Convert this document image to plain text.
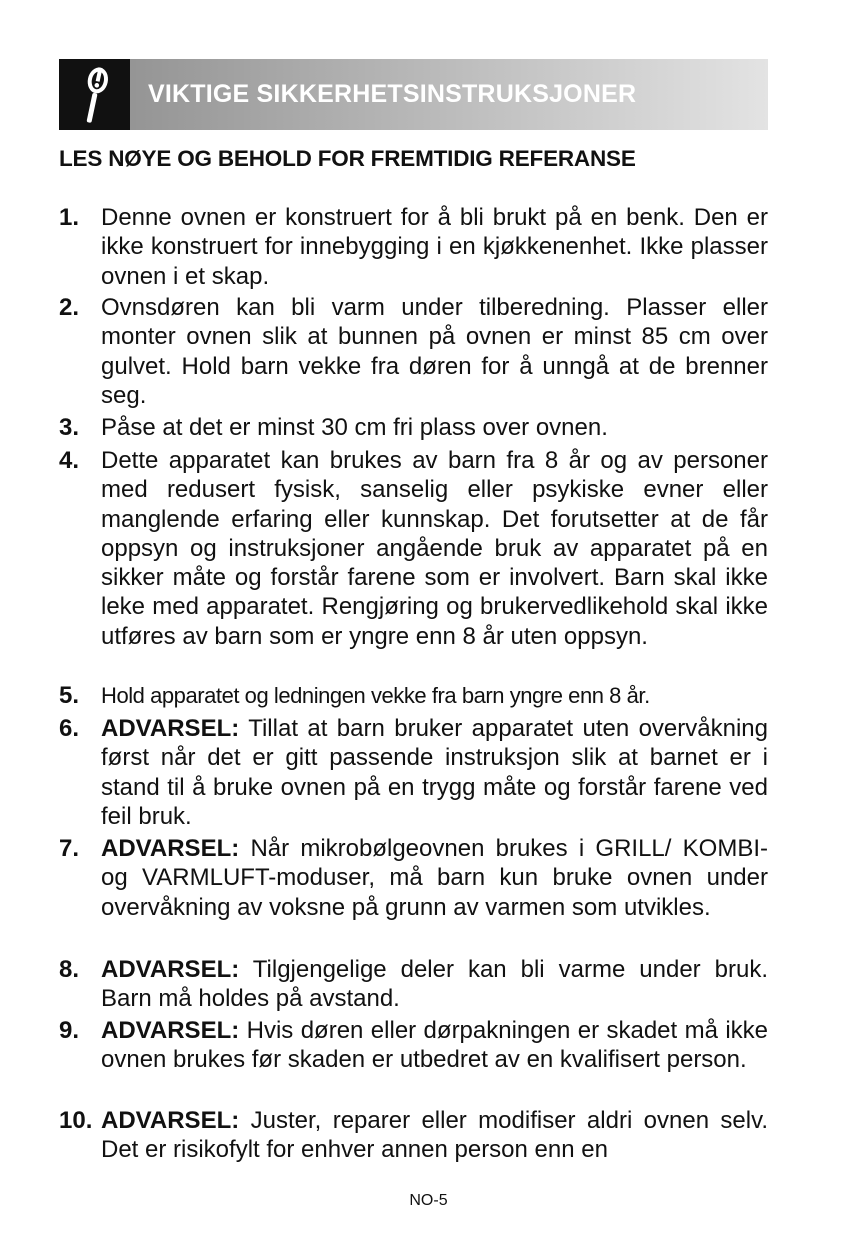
VIKTIGE SIKKERHETSINSTRUKSJONER
LES NØYE OG BEHOLD FOR FREMTIDIG REFERANSE
1. Denne ovnen er konstruert for å bli brukt på en benk. Den er ikke konstruert for innebygging i en kjøkkenenhet. Ikke plasser ovnen i et skap.
2. Ovnsdøren kan bli varm under tilberedning. Plasser eller monter ovnen slik at bunnen på ovnen er minst 85 cm over gulvet. Hold barn vekke fra døren for å unngå at de brenner seg.
3. Påse at det er minst 30 cm fri plass over ovnen.
4. Dette apparatet kan brukes av barn fra 8 år og av personer med redusert fysisk, sanselig eller psykiske evner eller manglende erfaring eller kunnskap. Det forutsetter at de får oppsyn og instruksjoner angående bruk av apparatet på en sikker måte og forstår farene som er involvert. Barn skal ikke leke med apparatet. Rengjøring og brukervedlikehold skal ikke utføres av barn som er yngre enn 8 år uten oppsyn.
5. Hold apparatet og ledningen vekke fra barn yngre enn 8 år.
6. ADVARSEL: Tillat at barn bruker apparatet uten overvåkning først når det er gitt passende instruksjon slik at barnet er i stand til å bruke ovnen på en trygg måte og forstår farene ved feil bruk.
7. ADVARSEL: Når mikrobølgeovnen brukes i GRILL/ KOMBI- og VARMLUFT-moduser, må barn kun bruke ovnen under overvåkning av voksne på grunn av varmen som utvikles.
8. ADVARSEL: Tilgjengelige deler kan bli varme under bruk. Barn må holdes på avstand.
9. ADVARSEL: Hvis døren eller dørpakningen er skadet må ikke ovnen brukes før skaden er utbedret av en kvalifisert person.
10. ADVARSEL: Juster, reparer eller modifiser aldri ovnen selv. Det er risikofylt for enhver annen person enn en
NO-5
